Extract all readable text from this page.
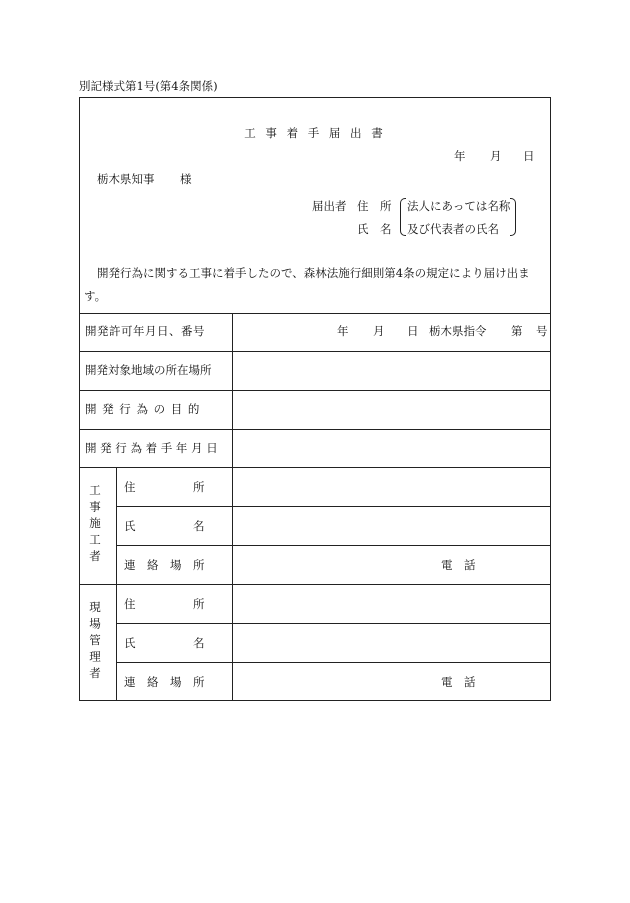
別記様式第1号(第4条関係)
工 事 着 手 届 出 書
年 月 日
栃木県知事 様
届出者 住　所
氏　名
法人にあっては名称
及び代表者の氏名
開発行為に関する工事に着手したので、森林法施行細則第4条の規定により届け出ま
す。
開発許可年月日、番号	年 月 日 栃木県指令 第 号
開発対象地域の所在場所
開 発 行 為 の 目 的
開 発 行 為 着 手 年 月 日
工事施工者 住　　　　　所
氏　　　　　名
連　絡　場　所	電　話
現場管理者 住　　　　　所
氏　　　　　名
連　絡　場　所	電　話
